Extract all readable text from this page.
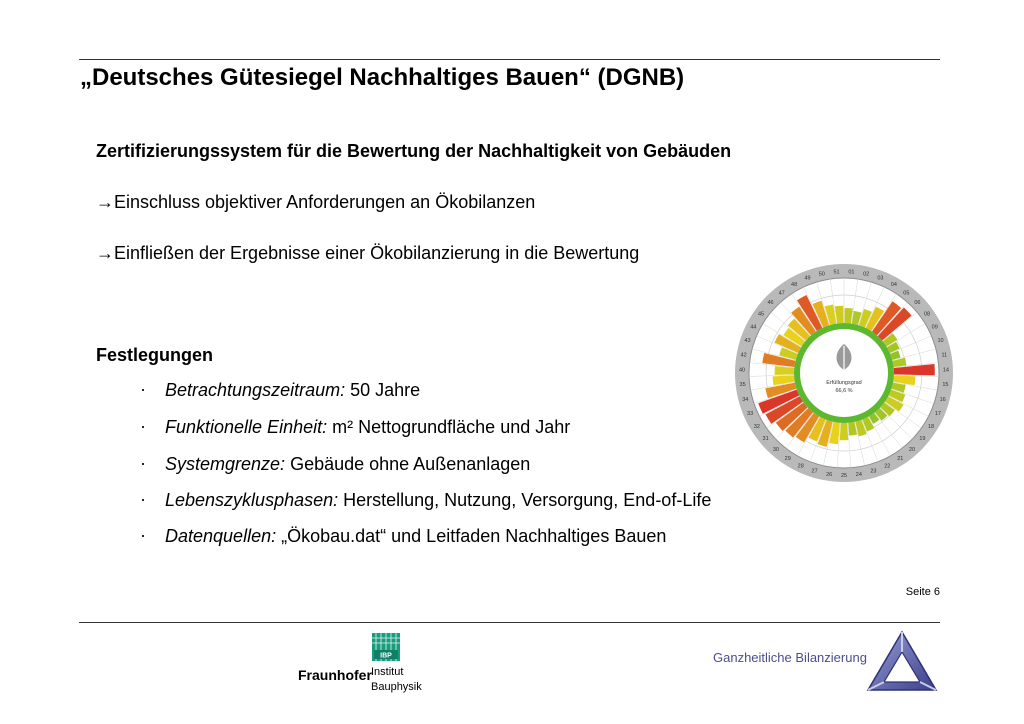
„Deutsches Gütesiegel Nachhaltiges Bauen“ (DGNB)
Zertifizierungssystem für die Bewertung der Nachhaltigkeit von Gebäuden
→Einschluss objektiver Anforderungen an Ökobilanzen
→Einfließen der Ergebnisse einer Ökobilanzierung in die Bewertung
Festlegungen
· Betrachtungszeitraum: 50 Jahre
· Funktionelle Einheit: m² Nettogrundfläche und Jahr
· Systemgrenze: Gebäude ohne Außenanlagen
· Lebenszyklusphasen: Herstellung, Nutzung, Versorgung, End-of-Life
· Datenquellen: „Ökobau.dat“ und Leitfaden Nachhaltiges Bauen
01 02
03
04
05
06
08
09
10
11
14
15
16
17
18
19
20
21
22
23
24
25
26
27
28
29
30
31
32
33
34
35
40
42
43
44
45
46
47
48
49
50 51
Erfüllungsgrad
66,6 %
Seite 6
IBP
Fraunhofer Institut
Bauphysik
Ganzheitliche Bilanzierung
